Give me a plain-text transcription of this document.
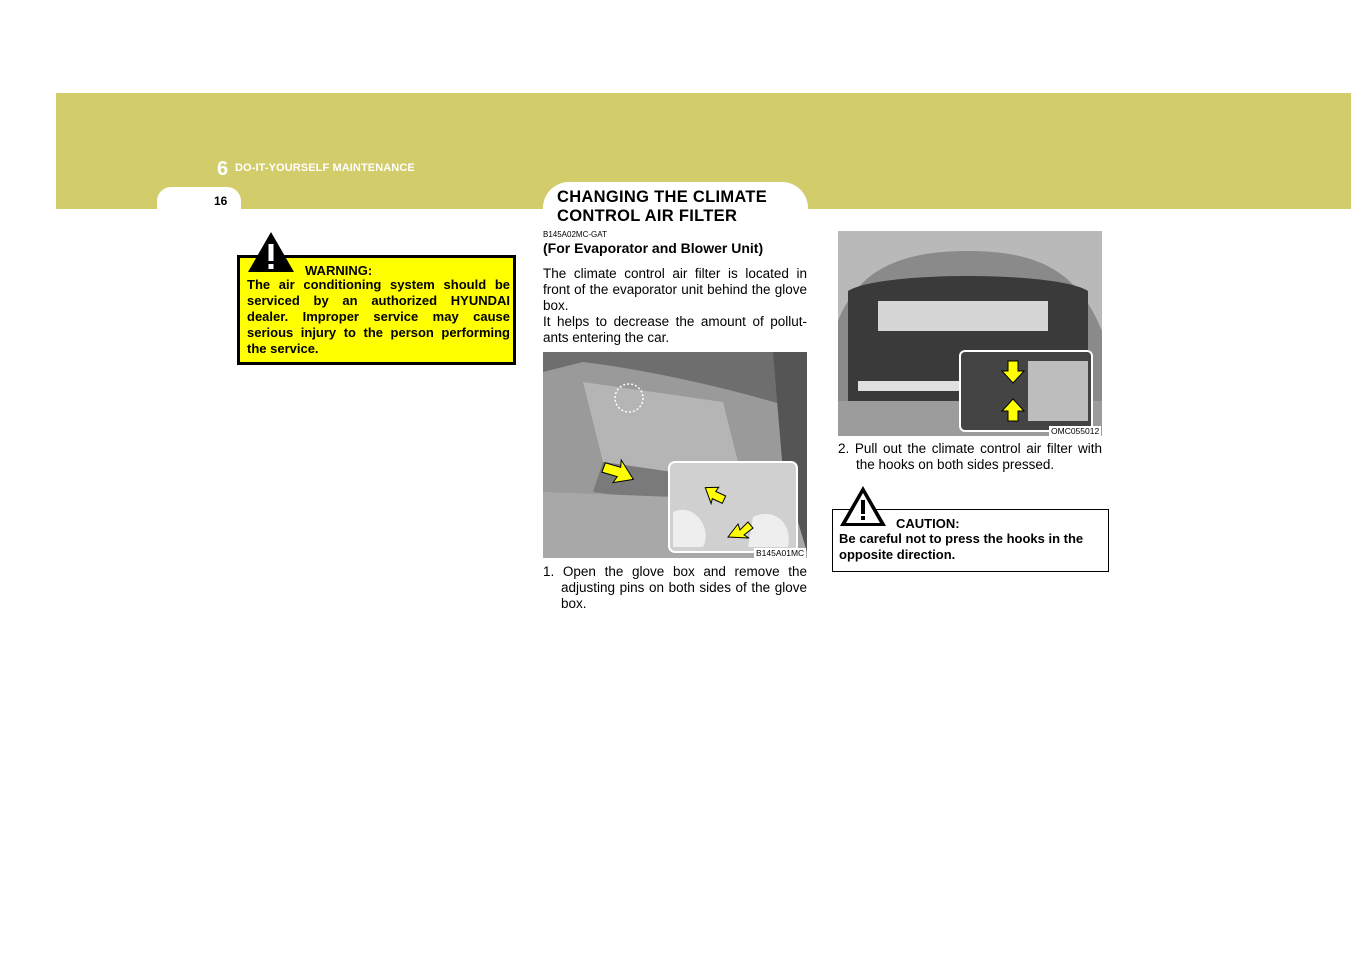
6 DO-IT-YOURSELF MAINTENANCE
16	CHANGING THE CLIMATE CONTROL AIR FILTER
WARNING:
The air conditioning system should be serviced by an authorized HYUNDAI dealer. Improper service may cause serious injury to the person performing the service.
B145A02MC-GAT
(For Evaporator and Blower Unit)

The climate control air filter is located in front of the evaporator unit behind the glove box.
It helps to decrease the amount of pollut-ants entering the car.

B145A01MC

1. Open the glove box and remove the adjusting pins on both sides of the glove box.

OMC055012

2. Pull out the climate control air filter with the hooks on both sides pressed.

CAUTION:
Be careful not to press the hooks in the opposite direction.
